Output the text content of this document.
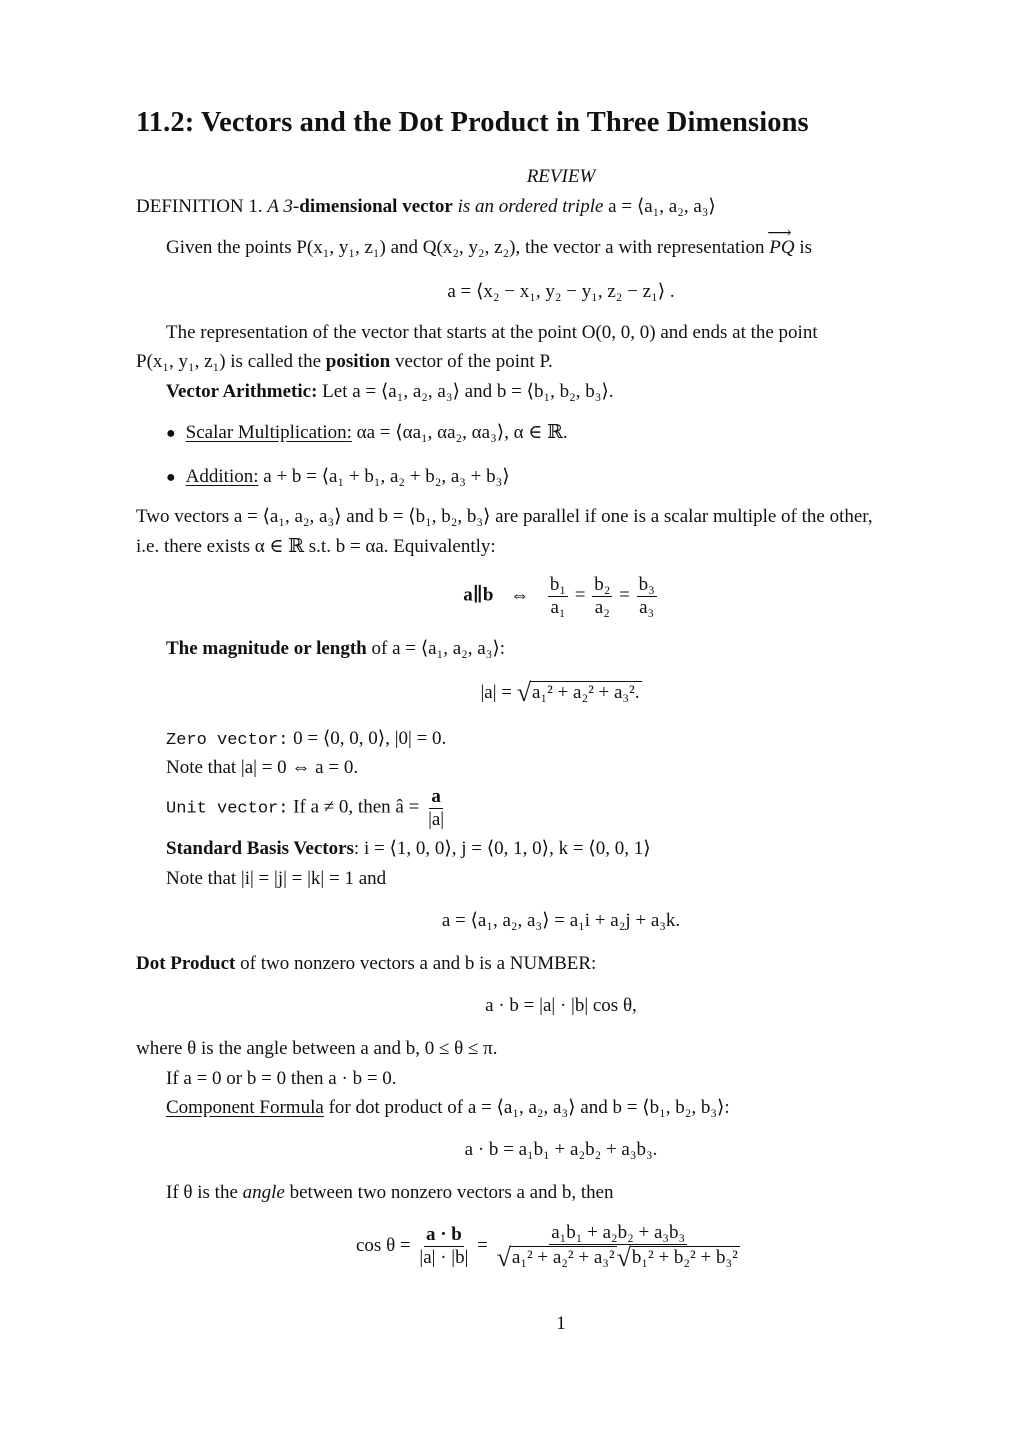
11.2: Vectors and the Dot Product in Three Dimensions
REVIEW
DEFINITION 1. A 3-dimensional vector is an ordered triple a = ⟨a₁, a₂, a₃⟩
Given the points P(x₁, y₁, z₁) and Q(x₂, y₂, z₂), the vector a with representation ⟶ PQ is
a = ⟨x₂ − x₁, y₂ − y₁, z₂ − z₁⟩ .
The representation of the vector that starts at the point O(0, 0, 0) and ends at the point
P(x₁, y₁, z₁) is called the position vector of the point P.
Vector Arithmetic: Let a = ⟨a₁, a₂, a₃⟩ and b = ⟨b₁, b₂, b₃⟩.
● Scalar Multiplication: αa = ⟨αa₁, αa₂, αa₃⟩, α ∈ ℝ.
● Addition: a + b = ⟨a₁ + b₁, a₂ + b₂, a₃ + b₃⟩
Two vectors a = ⟨a₁, a₂, a₃⟩ and b = ⟨b₁, b₂, b₃⟩ are parallel if one is a scalar multiple of the other,
i.e. there exists α ∈ ℝ s.t. b = αa. Equivalently:
a∥b ⇔ $\frac{\text{b₁}}{\text{a₁}} = \frac{\text{b₂}}{\text{a₂}} = \frac{\text{b₃}}{\text{a₃}}$
The magnitude or length of a = ⟨a₁, a₂, a₃⟩:
|a| = √a₁² + a₂² + a₃².
Zero vector: 0 = ⟨0, 0, 0⟩, |0| = 0.
Note that |a| = 0 ⇔ a = 0.
Unit vector: If a ≠ 0, then â = $\frac{a}{|a|}$
Standard Basis Vectors: i = ⟨1, 0, 0⟩, j = ⟨0, 1, 0⟩, k = ⟨0, 0, 1⟩
Note that |i| = |j| = |k| = 1 and
a = ⟨a₁, a₂, a₃⟩ = a₁i + a₂j + a₃k.
Dot Product of two nonzero vectors a and b is a NUMBER:
a · b = |a| · |b| cos θ,
where θ is the angle between a and b, 0 ≤ θ ≤ π.
If a = 0 or b = 0 then a · b = 0.
Component Formula for dot product of a = ⟨a₁, a₂, a₃⟩ and b = ⟨b₁, b₂, b₃⟩:
a · b = a₁b₁ + a₂b₂ + a₃b₃.
If θ is the angle between two nonzero vectors a and b, then
$\cos \theta = \frac{a \cdot b}{|a| \cdot |b|} = \frac{\text{a₁b₁ + a₂b₂ + a₃b₃}}{\text{√a₁² + a₂² + a₃²√b₁² + b₂² + b₃²}}$
1
